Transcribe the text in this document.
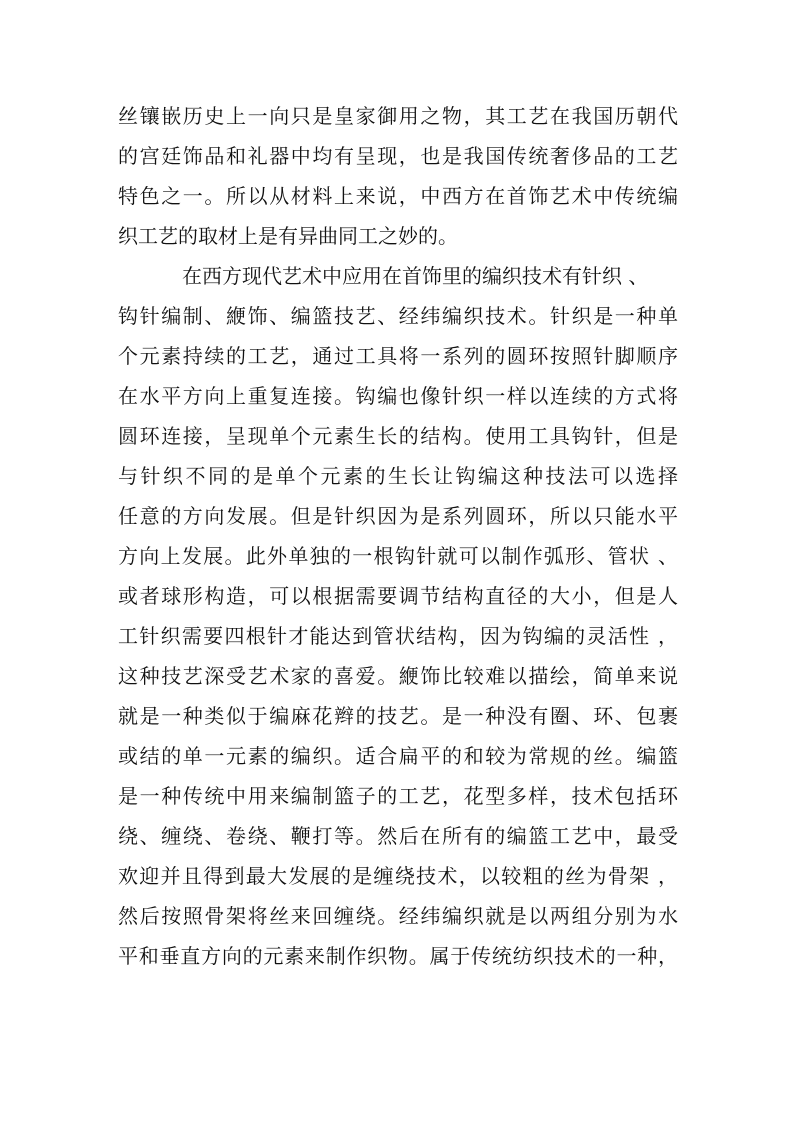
丝镶嵌历史上一向只是皇家御用之物，其工艺在我国历朝代
的宫廷饰品和礼器中均有呈现，也是我国传统奢侈品的工艺
特色之一。所以从材料上来说，中西方在首饰艺术中传统编
织工艺的取材上是有异曲同工之妙的。
在西方现代艺术中应用在首饰里的编织技术有针织 、
钩针编制、緶饰、编篮技艺、经纬编织技术。针织是一种单
个元素持续的工艺，通过工具将一系列的圆环按照针脚顺序
在水平方向上重复连接。钩编也像针织一样以连续的方式将
圆环连接，呈现单个元素生长的结构。使用工具钩针，但是
与针织不同的是单个元素的生长让钩编这种技法可以选择
任意的方向发展。但是针织因为是系列圆环，所以只能水平
方向上发展。此外单独的一根钩针就可以制作弧形、管状 、
或者球形构造，可以根据需要调节结构直径的大小，但是人
工针织需要四根针才能达到管状结构，因为钩编的灵活性 ，
这种技艺深受艺术家的喜爱。緶饰比较难以描绘，简单来说
就是一种类似于编麻花辫的技艺。是一种没有圈、环、包裹
或结的单一元素的编织。适合扁平的和较为常规的丝。编篮
是一种传统中用来编制篮子的工艺，花型多样，技术包括环
绕、缠绕、卷绕、鞭打等。然后在所有的编篮工艺中，最受
欢迎并且得到最大发展的是缠绕技术，以较粗的丝为骨架 ，
然后按照骨架将丝来回缠绕。经纬编织就是以两组分别为水
平和垂直方向的元素来制作织物。属于传统纺织技术的一种，
